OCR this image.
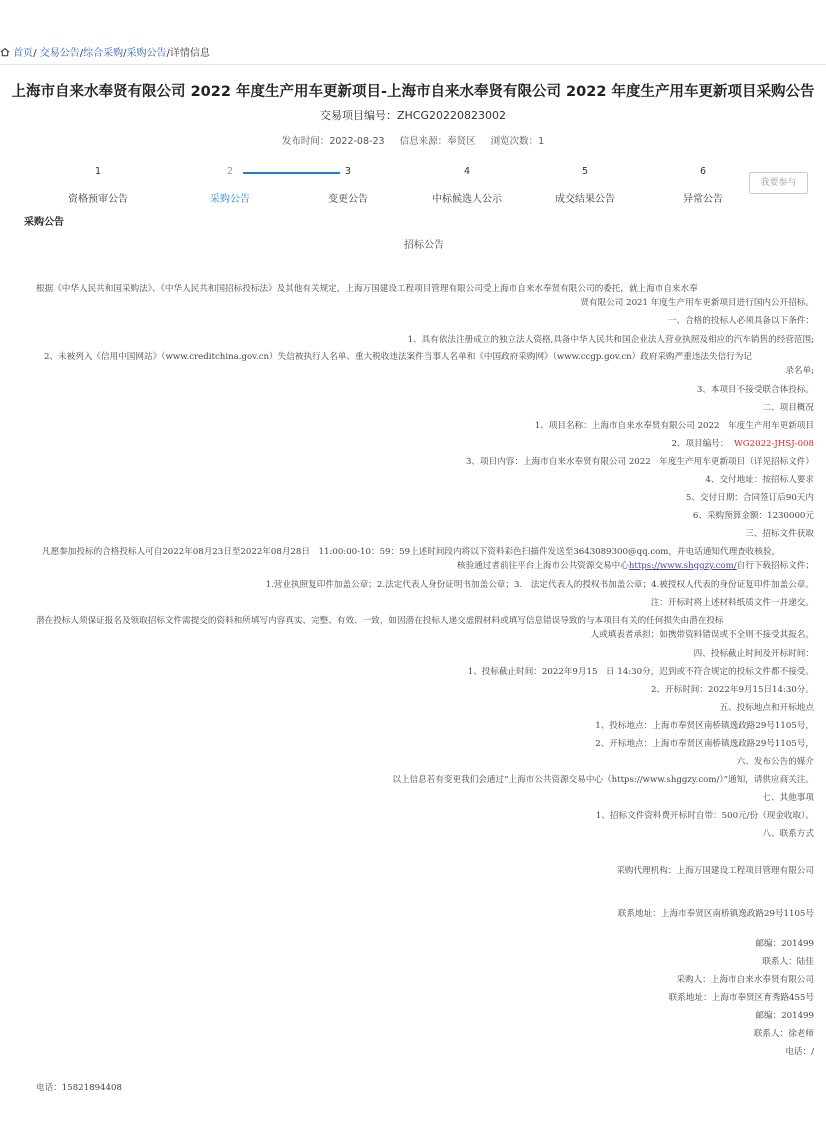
首页/ 交易公告/综合采购/采购公告/详情信息
上海市自来水奉贤有限公司 2022 年度生产用车更新项目-上海市自来水奉贤有限公司 2022 年度生产用车更新项目采购公告
交易项目编号：ZHCG20220823002
发布时间：2022-08-23 信息来源：奉贤区 浏览次数：1
1
资格预审公告
2
采购公告
3
变更公告
4
中标候选人公示
5
成交结果公告
6
异常公告
我要参与
采购公告
招标公告
根据《中华人民共和国采购法》、《中华人民共和国招标投标法》及其他有关规定，上海万国建设工程项目管理有限公司受上海市自来水奉贤有限公司的委托，就上海市自来水奉
贤有限公司 2021 年度生产用车更新项目进行国内公开招标。
一、合格的投标人必须具备以下条件：
1、具有依法注册成立的独立法人资格,具备中华人民共和国企业法人营业执照及相应的汽车销售的经营范围;
2、未被列入《信用中国网站》（www.creditchina.gov.cn）失信被执行人名单、重大税收违法案件当事人名单和《中国政府采购网》（www.ccgp.gov.cn）政府采购严重违法失信行为记
录名单;
3、本项目不接受联合体投标。
二、项目概况
1、项目名称：上海市自来水奉贤有限公司 2022　年度生产用车更新项目
2、项目编号： WG2022-JHSJ-008
3、项目内容：上海市自来水奉贤有限公司 2022　年度生产用车更新项目（详见招标文件）
4、交付地址：按招标人要求
5、交付日期：合同签订后90天内
6、采购预算金额：1230000元
三、招标文件获取
凡愿参加投标的合格投标人可自2022年08月23日至2022年08月28日　11:00:00-10：59：59上述时间段内将以下资料彩色扫描件发送至3643089300@qq.com，并电话通知代理查收核验，
核验通过者前往平台上海市公共资源交易中心https://www.shggzy.com/自行下载招标文件；
1.营业执照复印件加盖公章；2.法定代表人身份证明书加盖公章；3.　法定代表人的授权书加盖公章；4.被授权人代表的身份证复印件加盖公章。
注：开标时将上述材料纸质文件一并递交。
潜在投标人须保证报名及领取招标文件需提交的资料和所填写内容真实、完整、有效、一致，如因潜在投标人递交虚假材料或填写信息错误导致的与本项目有关的任何损失由潜在投标
人或填表者承担；如携带资料错误或不全则不接受其报名。
四、投标截止时间及开标时间：
1、投标截止时间：2022年9月15　日 14:30分，迟到或不符合规定的投标文件都不接受。
2、开标时间：2022年9月15日14:30分。
五、投标地点和开标地点
1、投标地点：上海市奉贤区南桥镇逸政路29号1105号，
2、开标地点：上海市奉贤区南桥镇逸政路29号1105号，
六、发布公告的媒介
以上信息若有变更我们会通过“上海市公共资源交易中心（https://www.shggzy.com/）”通知，请供应商关注。
七、其他事项
1、招标文件资料费开标时自带：500元/份（现金收取）。
八、联系方式
采购代理机构：上海万国建设工程项目管理有限公司
联系地址：上海市奉贤区南桥镇逸政路29号1105号
邮编：201499
联系人：陆佳
采购人：上海市自来水奉贤有限公司
联系地址：上海市奉贤区育秀路455号
邮编：201499
联系人：徐老师
电话：/
电话：15821894408
